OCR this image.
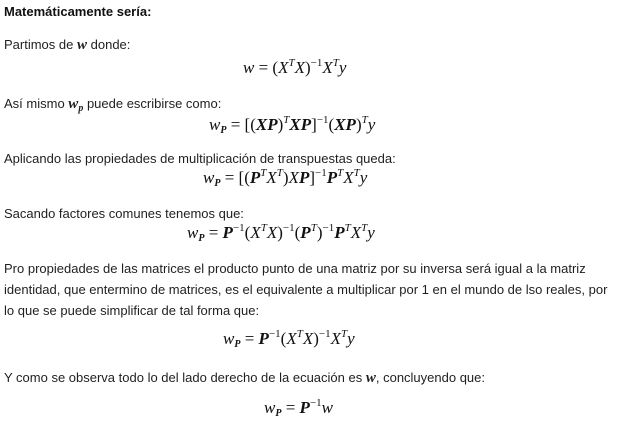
Matemáticamente sería:
Partimos de w donde:
$w = (X^TX)^{-1}X^Ty$
Así mismo $w_p$ puede escribirse como:
$w_P = [(XP)^TXP]^{-1}(XP)^Ty$
Aplicando las propiedades de multiplicación de transpuestas queda:
$w_P = [(P^TX^T)XP]^{-1}P^TX^Ty$
Sacando factores comunes tenemos que:
$w_P = P^{-1}(X^TX)^{-1}(P^T)^{-1}P^TX^Ty$
Pro propiedades de las matrices el producto punto de una matriz por su inversa será igual a la matriz identidad, que entermino de matrices, es el equivalente a multiplicar por 1 en el mundo de lso reales, por lo que se puede simplificar de tal forma que:
$w_P = P^{-1}(X^TX)^{-1}X^Ty$
Y como se observa todo lo del lado derecho de la ecuación es w, concluyendo que:
$w_P = P^{-1}w$
